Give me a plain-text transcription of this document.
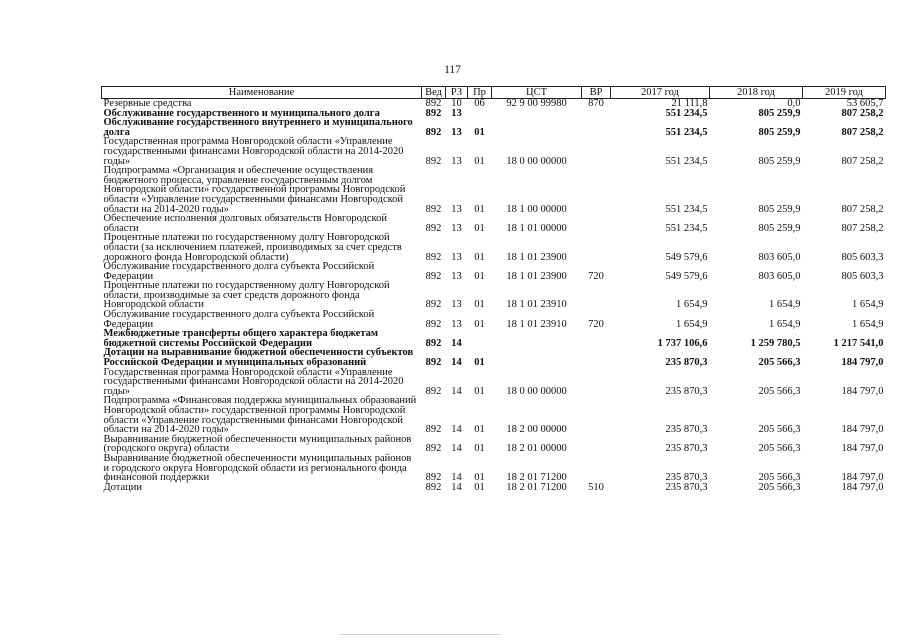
117
Наименование	Вед	РЗ	Пр	ЦСТ	ВР	2017 год	2018 год	2019 год
Резервные средства	892	10	06	92 9 00 99980	870	21 111,8	0,0	53 605,7
Обслуживание государственного и муниципального долга	892	13				551 234,5	805 259,9	807 258,2
Обслуживание государственного внутреннего и муниципального долга	892	13	01			551 234,5	805 259,9	807 258,2
Государственная программа Новгородской области «Управление государственными финансами Новгородской области на 2014-2020 годы»	892	13	01	18 0 00 00000		551 234,5	805 259,9	807 258,2
Подпрограмма «Организация и обеспечение осуществления бюджетного процесса, управление государственным долгом Новгородской области» государственной программы Новгородской области «Управление государственными финансами Новгородской области на 2014-2020 годы»	892	13	01	18 1 00 00000		551 234,5	805 259,9	807 258,2
Обеспечение исполнения долговых обязательств Новгородской области	892	13	01	18 1 01 00000		551 234,5	805 259,9	807 258,2
Процентные платежи по государственному долгу Новгородской области (за исключением платежей, производимых за счет средств дорожного фонда Новгородской области)	892	13	01	18 1 01 23900		549 579,6	803 605,0	805 603,3
Обслуживание государственного долга субъекта Российской Федерации	892	13	01	18 1 01 23900	720	549 579,6	803 605,0	805 603,3
Процентные платежи по государственному долгу Новгородской области, производимые за счет средств дорожного фонда Новгородской области	892	13	01	18 1 01 23910		1 654,9	1 654,9	1 654,9
Обслуживание государственного долга субъекта Российской Федерации	892	13	01	18 1 01 23910	720	1 654,9	1 654,9	1 654,9
Межбюджетные трансферты общего характера бюджетам бюджетной системы Российской Федерации	892	14				1 737 106,6	1 259 780,5	1 217 541,0
Дотации на выравнивание бюджетной обеспеченности субъектов Российской Федерации и муниципальных образований	892	14	01			235 870,3	205 566,3	184 797,0
Государственная программа Новгородской области «Управление государственными финансами Новгородской области на 2014-2020 годы»	892	14	01	18 0 00 00000		235 870,3	205 566,3	184 797,0
Подпрограмма «Финансовая поддержка муниципальных образований Новгородской области» государственной программы Новгородской области «Управление государственными финансами Новгородской области на 2014-2020 годы»	892	14	01	18 2 00 00000		235 870,3	205 566,3	184 797,0
Выравнивание бюджетной обеспеченности муниципальных районов (городского округа) области	892	14	01	18 2 01 00000		235 870,3	205 566,3	184 797,0
Выравнивание бюджетной обеспеченности муниципальных районов и городского округа Новгородской области из регионального фонда финансовой поддержки	892	14	01	18 2 01 71200		235 870,3	205 566,3	184 797,0
Дотации	892	14	01	18 2 01 71200	510	235 870,3	205 566,3	184 797,0
